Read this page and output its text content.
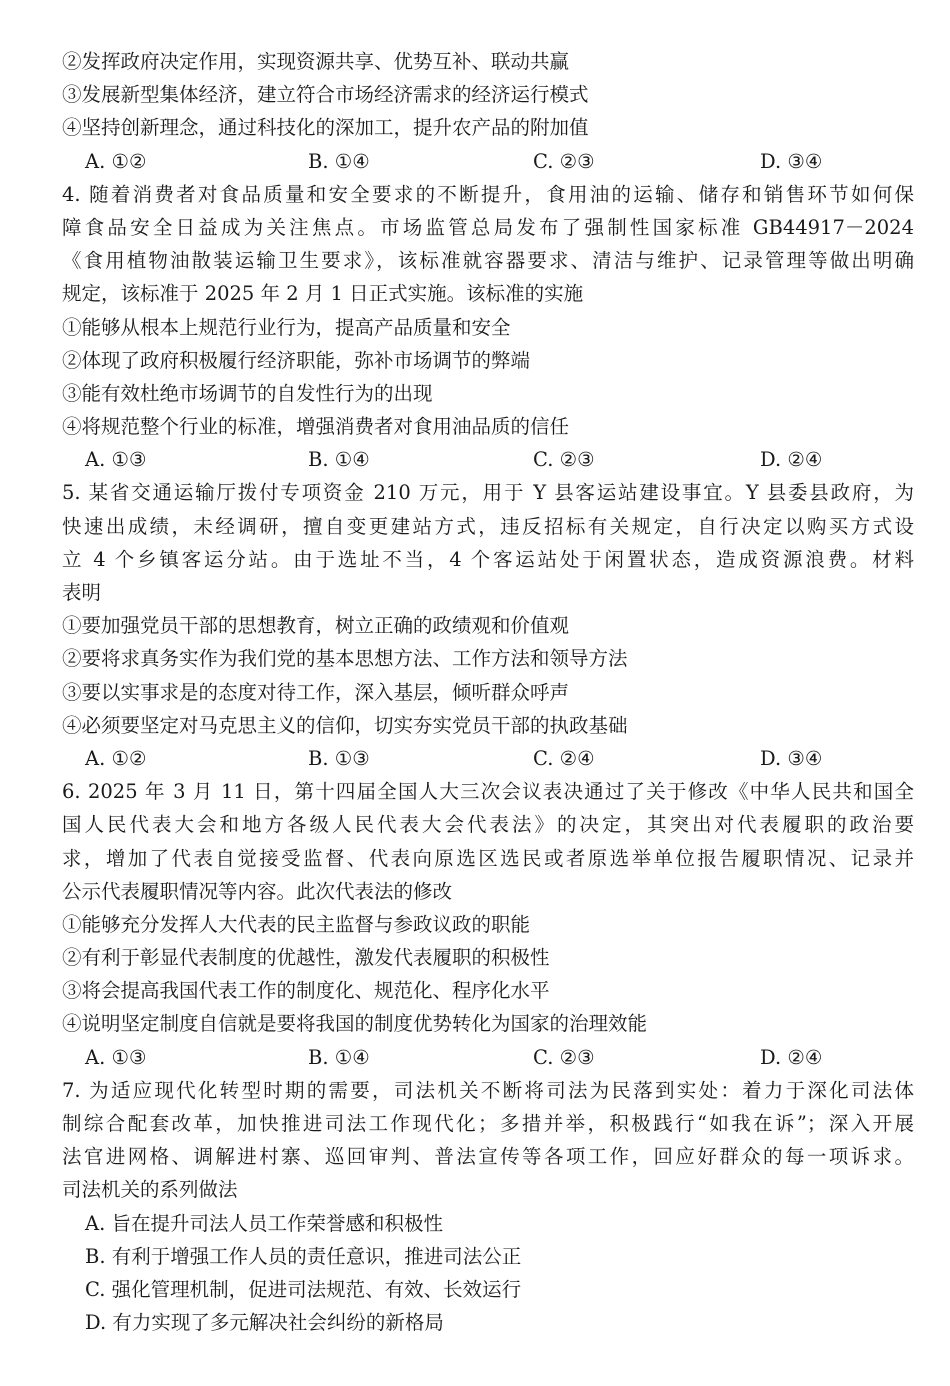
②发挥政府决定作用，实现资源共享、优势互补、联动共赢
③发展新型集体经济，建立符合市场经济需求的经济运行模式
④坚持创新理念，通过科技化的深加工，提升农产品的附加值
A. ①②	B. ①④	C. ②③	D. ③④
4. 随着消费者对食品质量和安全要求的不断提升，食用油的运输、储存和销售环节如何保
障食品安全日益成为关注焦点。市场监管总局发布了强制性国家标准 GB44917－2024
《食用植物油散装运输卫生要求》，该标准就容器要求、清洁与维护、记录管理等做出明确
规定，该标准于 2025 年 2 月 1 日正式实施。该标准的实施
①能够从根本上规范行业行为，提高产品质量和安全
②体现了政府积极履行经济职能，弥补市场调节的弊端
③能有效杜绝市场调节的自发性行为的出现
④将规范整个行业的标准，增强消费者对食用油品质的信任
A. ①③	B. ①④	C. ②③	D. ②④
5. 某省交通运输厅拨付专项资金 210 万元，用于 Y 县客运站建设事宜。Y 县委县政府，为
快速出成绩，未经调研，擅自变更建站方式，违反招标有关规定，自行决定以购买方式设
立 4 个乡镇客运分站。由于选址不当，4 个客运站处于闲置状态，造成资源浪费。材料
表明
①要加强党员干部的思想教育，树立正确的政绩观和价值观
②要将求真务实作为我们党的基本思想方法、工作方法和领导方法
③要以实事求是的态度对待工作，深入基层，倾听群众呼声
④必须要坚定对马克思主义的信仰，切实夯实党员干部的执政基础
A. ①②	B. ①③	C. ②④	D. ③④
6. 2025 年 3 月 11 日，第十四届全国人大三次会议表决通过了关于修改《中华人民共和国全
国人民代表大会和地方各级人民代表大会代表法》的决定，其突出对代表履职的政治要
求，增加了代表自觉接受监督、代表向原选区选民或者原选举单位报告履职情况、记录并
公示代表履职情况等内容。此次代表法的修改
①能够充分发挥人大代表的民主监督与参政议政的职能
②有利于彰显代表制度的优越性，激发代表履职的积极性
③将会提高我国代表工作的制度化、规范化、程序化水平
④说明坚定制度自信就是要将我国的制度优势转化为国家的治理效能
A. ①③	B. ①④	C. ②③	D. ②④
7. 为适应现代化转型时期的需要，司法机关不断将司法为民落到实处：着力于深化司法体
制综合配套改革，加快推进司法工作现代化；多措并举，积极践行“如我在诉”；深入开展
法官进网格、调解进村寨、巡回审判、普法宣传等各项工作，回应好群众的每一项诉求。
司法机关的系列做法
A. 旨在提升司法人员工作荣誉感和积极性
B. 有利于增强工作人员的责任意识，推进司法公正
C. 强化管理机制，促进司法规范、有效、长效运行
D. 有力实现了多元解决社会纠纷的新格局
